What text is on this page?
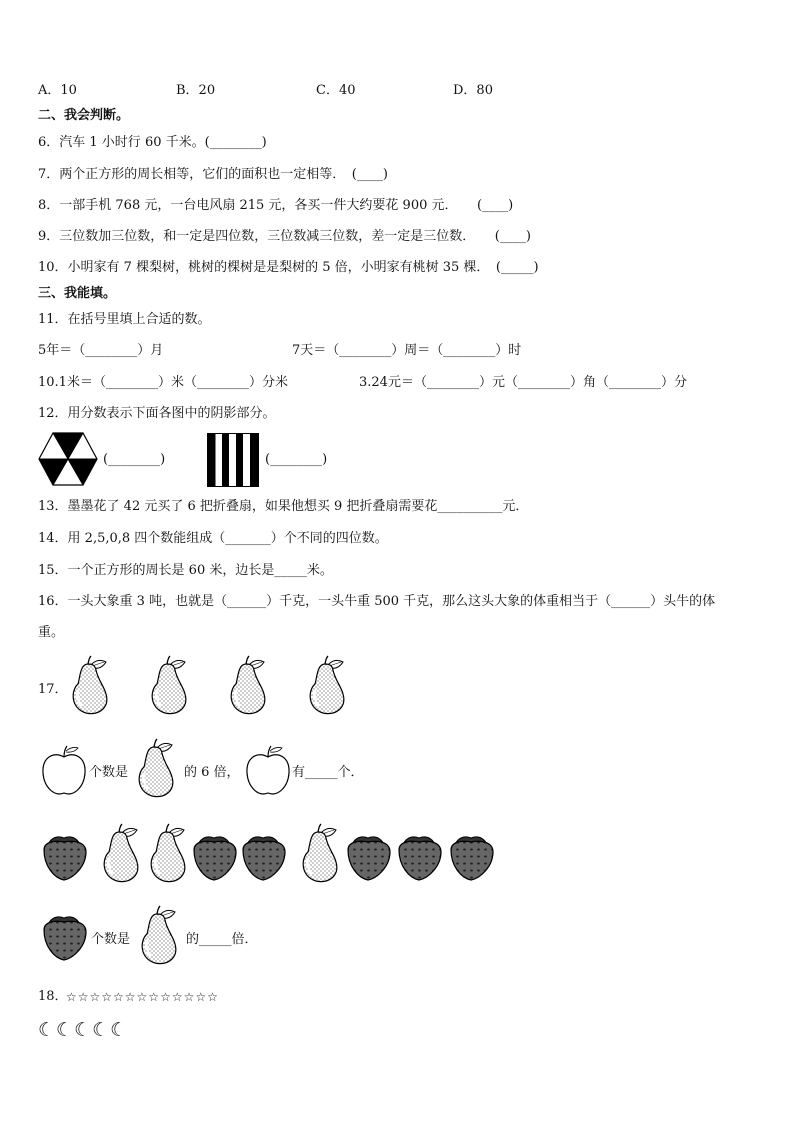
A．10	B．20	C．40	D．80
二、我会判断。
6．汽车 1 小时行 60 千米。(________)
7．两个正方形的周长相等，它们的面积也一定相等．　(____)
8．一部手机 768 元，一台电风扇 215 元，各买一件大约要花 900 元．　　(____)
9．三位数加三位数，和一定是四位数，三位数减三位数，差一定是三位数．　　(____)
10．小明家有 7 棵梨树，桃树的棵树是是梨树的 5 倍，小明家有桃树 35 棵．　(_____)
三、我能填。
11．在括号里填上合适的数。
5年＝（________）月	7天＝（________）周＝（________）时
10.1米＝（________）米（________）分米	3.24元＝（________）元（________）角（________）分
12．用分数表示下面各图中的阴影部分。
(________)	(________)
13．墨墨花了 42 元买了 6 把折叠扇，如果他想买 9 把折叠扇需要花__________元．
14．用 2,5,0,8 四个数能组成（_______）个不同的四位数。
15．一个正方形的周长是 60 米，边长是_____米。
16．一头大象重 3 吨，也就是（______）千克，一头牛重 500 千克，那么这头大象的体重相当于（______）头牛的体
重。
17．
个数是	的 6 倍，	有_____个．
个数是	的_____倍．
18．
☆☆☆☆☆☆☆☆☆☆☆☆☆
☾☾☾☾☾
